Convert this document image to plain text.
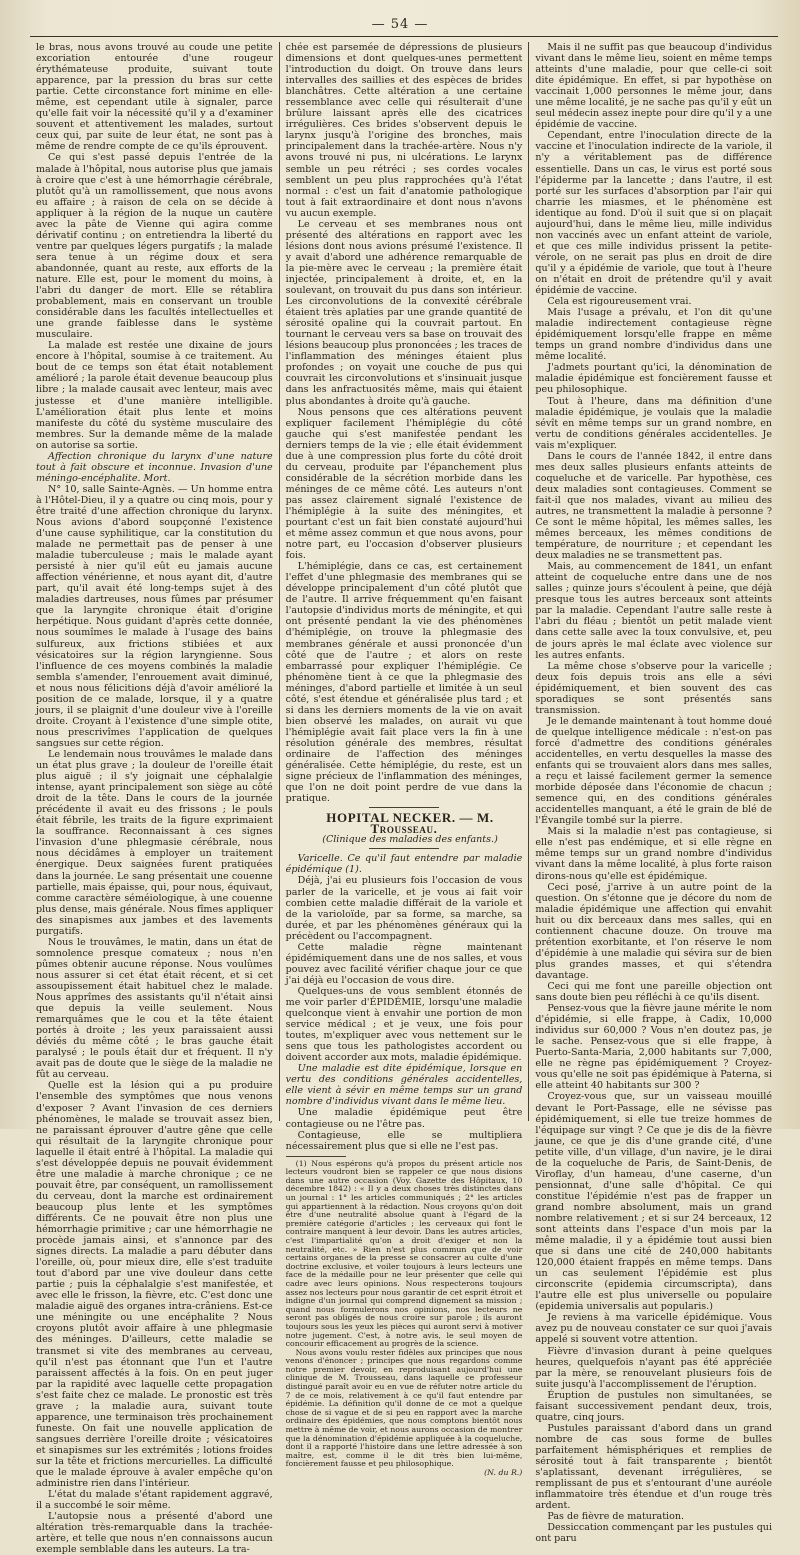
— 54 —

le bras, nous avons trouvé au coude une petite excoriation entourée d'une rougeur érythémateuse produite, suivant toute apparence, par la pression du bras sur cette partie. Cette circonstance fort minime en elle-même, est cependant utile à signaler, parce qu'elle fait voir la nécessité qu'il y a d'examiner souvent et attentivement les malades, surtout ceux qui, par suite de leur état, ne sont pas à même de rendre compte de ce qu'ils éprouvent.

Ce qui s'est passé depuis l'entrée de la malade à l'hôpital, nous autorise plus que jamais à croire que c'est à une hémorrhagie cérébrale, plutôt qu'à un ramollissement, que nous avons eu affaire ; à raison de cela on se décide à appliquer à la région de la nuque un cautère avec la pâte de Vienne qui agira comme dérivatif continu ; on entretiendra la liberté du ventre par quelques légers purgatifs ; la malade sera tenue à un régime doux et sera abandonnée, quant au reste, aux efforts de la nature. Elle est, pour le moment du moins, à l'abri du danger de mort. Elle se rétablira probablement, mais en conservant un trouble considérable dans les facultés intellectuelles et une grande faiblesse dans le système musculaire.

La malade est restée une dixaine de jours encore à l'hôpital, soumise à ce traitement. Au bout de ce temps son état était notablement amélioré ; la parole était devenue beaucoup plus libre ; la malade causait avec lenteur, mais avec justesse et d'une manière intelligible. L'amélioration était plus lente et moins manifeste du côté du système musculaire des membres. Sur la demande même de la malade on autorise sa sortie.

Affection chronique du larynx d'une nature tout à fait obscure et inconnue. Invasion d'une méningo-encéphalite. Mort.

N° 10, salle Sainte-Agnès. — Un homme entra à l'Hôtel-Dieu, il y a quatre ou cinq mois, pour y être traité d'une affection chronique du larynx. Nous avions d'abord soupçonné l'existence d'une cause syphilitique, car la constitution du malade ne permettait pas de penser à une maladie tuberculeuse ; mais le malade ayant persisté à nier qu'il eût eu jamais aucune affection vénérienne, et nous ayant dit, d'autre part, qu'il avait été long-temps sujet à des maladies dartreuses, nous fûmes par présumer que la laryngite chronique était d'origine herpétique. Nous guidant d'après cette donnée, nous soumîmes le malade à l'usage des bains sulfureux, aux frictions stibiées et aux vésicatoires sur la région laryngienne. Sous l'influence de ces moyens combinés la maladie sembla s'amender, l'enrouement avait diminué, et nous nous félicitions déjà d'avoir amélioré la position de ce malade, lorsque, il y a quatre jours, il se plaignit d'une douleur vive à l'oreille droite. Croyant à l'existence d'une simple otite, nous prescrivîmes l'application de quelques sangsues sur cette région.

Le lendemain nous trouvâmes le malade dans un état plus grave ; la douleur de l'oreille était plus aiguë ; il s'y joignait une céphalalgie intense, ayant principalement son siège au côté droit de la tête. Dans le cours de la journée précédente il avait eu des frissons ; le pouls était fébrile, les traits de la figure exprimaient la souffrance. Reconnaissant à ces signes l'invasion d'une phlegmasie cérébrale, nous nous décidâmes à employer un traitement énergique. Deux saignées furent pratiquées dans la journée. Le sang présentait une couenne partielle, mais épaisse, qui, pour nous, équivaut, comme caractère séméiologique, à une couenne plus dense, mais générale. Nous fîmes appliquer des sinapismes aux jambes et des lavements purgatifs.

Nous le trouvâmes, le matin, dans un état de somnolence presque comateux ; nous n'en pûmes obtenir aucune réponse. Nous voulûmes nous assurer si cet état était récent, et si cet assoupissement était habituel chez le malade. Nous apprîmes des assistants qu'il n'était ainsi que depuis la veille seulement. Nous remarquâmes que le cou et la tête étaient portés à droite ; les yeux paraissaient aussi déviés du même côté ; le bras gauche était paralysé ; le pouls était dur et fréquent. Il n'y avait pas de doute que le siège de la maladie ne fût au cerveau.

Quelle est la lésion qui a pu produire l'ensemble des symptômes que nous venons d'exposer ? Avant l'invasion de ces derniers phénomènes, le malade se trouvait assez bien, ne paraissant éprouver d'autre gêne que celle qui résultait de la laryngite chronique pour laquelle il était entré à l'hôpital. La maladie qui s'est développée depuis ne pouvait évidemment être une maladie à marche chronique ; ce ne pouvait être, par conséquent, un ramollissement du cerveau, dont la marche est ordinairement beaucoup plus lente et les symptômes différents. Ce ne pouvait être non plus une hémorrhagie primitive ; car une hémorrhagie ne procède jamais ainsi, et s'annonce par des signes directs. La maladie a paru débuter dans l'oreille, où, pour mieux dire, elle s'est traduite tout d'abord par une vive douleur dans cette partie ; puis la céphalalgie s'est manifestée, et avec elle le frisson, la fièvre, etc. C'est donc une maladie aiguë des organes intra-crâniens. Est-ce une méningite ou une encéphalite ? Nous croyons plutôt avoir affaire à une phlegmasie des méninges. D'ailleurs, cette maladie se transmet si vite des membranes au cerveau, qu'il n'est pas étonnant que l'un et l'autre paraissent affectés à la fois. On en peut juger par la rapidité avec laquelle cette propagation s'est faite chez ce malade. Le pronostic est très grave ; la maladie aura, suivant toute apparence, une terminaison très prochainement funeste. On fait une nouvelle application de sangsues derrière l'oreille droite ; vésicatoires et sinapismes sur les extrémités ; lotions froides sur la tête et frictions mercurielles. La difficulté que le malade éprouve à avaler empêche qu'on administre rien dans l'intérieur.

L'état du malade s'étant rapidement aggravé, il a succombé le soir même.

L'autopsie nous a présenté d'abord une altération très-remarquable dans la trachée-artère, et telle que nous n'en connaissons aucun exemple semblable dans les auteurs. La tra-

chée est parsemée de dépressions de plusieurs dimensions et dont quelques-unes permettent l'introduction du doigt. On trouve dans leurs intervalles des saillies et des espèces de brides blanchâtres. Cette altération a une certaine ressemblance avec celle qui résulterait d'une brûlure laissant après elle des cicatrices irrégulières. Ces brides s'observent depuis le larynx jusqu'à l'origine des bronches, mais principalement dans la trachée-artère. Nous n'y avons trouvé ni pus, ni ulcérations. Le larynx semble un peu rétréci ; ses cordes vocales semblent un peu plus rapprochées qu'à l'état normal : c'est un fait d'anatomie pathologique tout à fait extraordinaire et dont nous n'avons vu aucun exemple.

Le cerveau et ses membranes nous ont présenté des altérations en rapport avec les lésions dont nous avions présumé l'existence. Il y avait d'abord une adhérence remarquable de la pie-mère avec le cerveau ; la première était injectée, principalement à droite, et, en la soulevant, on trouvait du pus dans son intérieur. Les circonvolutions de la convexité cérébrale étaient très aplaties par une grande quantité de sérosité opaline qui la couvrait partout. En tournant le cerveau vers sa base on trouvait des lésions beaucoup plus prononcées ; les traces de l'inflammation des méninges étaient plus profondes ; on voyait une couche de pus qui couvrait les circonvolutions et s'insinuait jusque dans les anfractuosités même, mais qui étaient plus abondantes à droite qu'à gauche.

Nous pensons que ces altérations peuvent expliquer facilement l'hémiplégie du côté gauche qui s'est manifestée pendant les derniers temps de la vie ; elle était évidemment due à une compression plus forte du côté droit du cerveau, produite par l'épanchement plus considérable de la sécrétion morbide dans les méninges de ce même côté. Les auteurs n'ont pas assez clairement signalé l'existence de l'hémiplégie à la suite des méningites, et pourtant c'est un fait bien constaté aujourd'hui et même assez commun et que nous avons, pour notre part, eu l'occasion d'observer plusieurs fois.

L'hémiplégie, dans ce cas, est certainement l'effet d'une phlegmasie des membranes qui se développe principalement d'un côté plutôt que de l'autre. Il arrive fréquemment qu'en faisant l'autopsie d'individus morts de méningite, et qui ont présenté pendant la vie des phénomènes d'hémiplégie, on trouve la phlegmasie des membranes générale et aussi prononcée d'un côté que de l'autre ; et alors on reste embarrassé pour expliquer l'hémiplégie. Ce phénomène tient à ce que la phlegmasie des méninges, d'abord partielle et limitée à un seul côté, s'est étendue et généralisée plus tard ; et si dans les derniers moments de la vie on avait bien observé les malades, on aurait vu que l'hémiplégie avait fait place vers la fin à une résolution générale des membres, résultat ordinaire de l'affection des méninges généralisée. Cette hémiplégie, du reste, est un signe précieux de l'inflammation des méninges, que l'on ne doit point perdre de vue dans la pratique.

HOPITAL NECKER. — M. Trousseau.

(Clinique des maladies des enfants.)

Varicelle. Ce qu'il faut entendre par maladie épidémique (1).

Déjà, j'ai eu plusieurs fois l'occasion de vous parler de la varicelle, et je vous ai fait voir combien cette maladie différait de la variole et de la varioloïde, par sa forme, sa marche, sa durée, et par les phénomènes généraux qui la précèdent ou l'accompagnent.

Cette maladie règne maintenant épidémiquement dans une de nos salles, et vous pouvez avec facilité vérifier chaque jour ce que j'ai déjà eu l'occasion de vous dire.

Quelques-uns de vous semblent étonnés de me voir parler d'ÉPIDÉMIE, lorsqu'une maladie quelconque vient à envahir une portion de mon service médical ; et je veux, une fois pour toutes, m'expliquer avec vous nettement sur le sens que tous les pathologistes accordent ou doivent accorder aux mots, maladie épidémique.

Une maladie est dite épidémique, lorsque en vertu des conditions générales accidentelles, elle vient à sévir en même temps sur un grand nombre d'individus vivant dans le même lieu.

Une maladie épidémique peut être contagieuse ou ne l'être pas.

Contagieuse, elle se multipliera nécessairement plus que si elle ne l'est pas.

(1) Nous espérons qu'à propos du présent article nos lecteurs voudront bien se rappeler ce que nous disions dans une autre occasion (Voy. Gazette des Hôpitaux, 10 décembre 1842) : « Il y a deux choses très distinctes dans un journal : 1° les articles communiqués ; 2° les articles qui appartiennent à la rédaction. Nous croyons qu'on doit être d'une neutralité absolue quant à l'égard de la première catégorie d'articles ; les cerveaux qui font le contraire manquent à leur devoir. Dans les autres articles, c'est l'impartialité qu'on a droit d'exiger et non la neutralité, etc. » Rien n'est plus commun que de voir certains organes de la presse se consacrer au culte d'une doctrine exclusive, et voiler toujours à leurs lecteurs une face de la médaille pour ne leur présenter que celle qui cadre avec leurs opinions. Nous respecterons toujours assez nos lecteurs pour nous garantir de cet esprit étroit et indigne d'un journal qui comprend dignement sa mission ; quand nous formulerons nos opinions, nos lecteurs ne seront pas obligés de nous croire sur parole ; ils auront toujours sous les yeux les pièces qui auront servi à motiver notre jugement. C'est, à notre avis, le seul moyen de concourir efficacement au progrès de la science.

Nous avons voulu rester fidèles aux principes que nous venons d'énoncer ; principes que nous regardons comme notre premier devoir, en reproduisant aujourd'hui une clinique de M. Trousseau, dans laquelle ce professeur distingué paraît avoir eu en vue de réfuter notre article du 7 de ce mois, relativement à ce qu'il faut entendre par épidémie. La définition qu'il donne de ce mot a quelque chose de si vague et de si peu en rapport avec la marche ordinaire des épidémies, que nous comptons bientôt nous mettre à même de voir, et nous aurons occasion de montrer que la dénomination d'épidémie appliquée à la coqueluche, dont il a rapporté l'histoire dans une lettre adressée à son maître, est, comme il le dit très bien lui-même, foncièrement fausse et peu philosophique.

(N. du R.)

Mais il ne suffit pas que beaucoup d'individus vivant dans le même lieu, soient en même temps atteints d'une maladie, pour que celle-ci soit dite épidémique. En effet, si par hypothèse on vaccinait 1,000 personnes le même jour, dans une même localité, je ne sache pas qu'il y eût un seul médecin assez inepte pour dire qu'il y a une épidémie de vaccine.

Cependant, entre l'inoculation directe de la vaccine et l'inoculation indirecte de la variole, il n'y a véritablement pas de différence essentielle. Dans un cas, le virus est porté sous l'épiderme par la lancette ; dans l'autre, il est porté sur les surfaces d'absorption par l'air qui charrie les miasmes, et le phénomène est identique au fond. D'où il suit que si on plaçait aujourd'hui, dans le même lieu, mille individus non vaccinés avec un enfant atteint de variole, et que ces mille individus prissent la petite-vérole, on ne serait pas plus en droit de dire qu'il y a épidémie de variole, que tout à l'heure on n'était en droit de prétendre qu'il y avait épidémie de vaccine.

Cela est rigoureusement vrai.

Mais l'usage a prévalu, et l'on dit qu'une maladie indirectement contagieuse règne épidémiquement lorsqu'elle frappe en même temps un grand nombre d'individus dans une même localité.

J'admets pourtant qu'ici, la dénomination de maladie épidémique est foncièrement fausse et peu philosophique.

Tout à l'heure, dans ma définition d'une maladie épidémique, je voulais que la maladie sévît en même temps sur un grand nombre, en vertu de conditions générales accidentelles. Je vais m'expliquer.

Dans le cours de l'année 1842, il entre dans mes deux salles plusieurs enfants atteints de coqueluche et de varicelle. Par hypothèse, ces deux maladies sont contagieuses. Comment se fait-il que nos malades, vivant au milieu des autres, ne transmettent la maladie à personne ? Ce sont le même hôpital, les mêmes salles, les mêmes berceaux, les mêmes conditions de température, de nourriture ; et cependant les deux maladies ne se transmettent pas.

Mais, au commencement de 1841, un enfant atteint de coqueluche entre dans une de nos salles ; quinze jours s'écoulent à peine, que déjà presque tous les autres berceaux sont atteints par la maladie. Cependant l'autre salle reste à l'abri du fléau ; bientôt un petit malade vient dans cette salle avec la toux convulsive, et, peu de jours après le mal éclate avec violence sur les autres enfants.

La même chose s'observe pour la varicelle ; deux fois depuis trois ans elle a sévi épidémiquement, et bien souvent des cas sporadiques se sont présentés sans transmission.

Je le demande maintenant à tout homme doué de quelque intelligence médicale : n'est-on pas forcé d'admettre des conditions générales accidentelles, en vertu desquelles la masse des enfants qui se trouvaient alors dans mes salles, a reçu et laissé facilement germer la semence morbide déposée dans l'économie de chacun ; semence qui, en des conditions générales accidentelles manquant, a été le grain de blé de l'Évangile tombé sur la pierre.

Mais si la maladie n'est pas contagieuse, si elle n'est pas endémique, et si elle règne en même temps sur un grand nombre d'individus vivant dans la même localité, à plus forte raison dirons-nous qu'elle est épidémique.

Ceci posé, j'arrive à un autre point de la question. On s'étonne que je décore du nom de maladie épidémique une affection qui envahit huit ou dix berceaux dans mes salles, qui en contiennent chacune douze. On trouve ma prétention exorbitante, et l'on réserve le nom d'épidémie à une maladie qui sévira sur de bien plus grandes masses, et qui s'étendra davantage.

Ceci qui me font une pareille objection ont sans doute bien peu réfléchi à ce qu'ils disent.

Pensez-vous que la fièvre jaune mérite le nom d'épidémie, si elle frappe, à Cadix, 10,000 individus sur 60,000 ? Vous n'en doutez pas, je le sache. Pensez-vous que si elle frappe, à Puerto-Santa-Maria, 2,000 habitants sur 7,000, elle ne règne pas épidémiquement ? Croyez-vous qu'elle ne soit pas épidémique à Paterna, si elle atteint 40 habitants sur 300 ?

Croyez-vous que, sur un vaisseau mouillé devant le Port-Passage, elle ne sévisse pas épidémiquement, si elle tue treize hommes de l'équipage sur vingt ? Ce que je dis de la fièvre jaune, ce que je dis d'une grande cité, d'une petite ville, d'un village, d'un navire, je le dirai de la coqueluche de Paris, de Saint-Denis, de Viroflay, d'un hameau, d'une caserne, d'un pensionnat, d'une salle d'hôpital. Ce qui constitue l'épidémie n'est pas de frapper un grand nombre absolument, mais un grand nombre relativement ; et si sur 24 berceaux, 12 sont atteints dans l'espace d'un mois par la même maladie, il y a épidémie tout aussi bien que si dans une cité de 240,000 habitants 120,000 étaient frappés en même temps. Dans un cas seulement l'épidémie est plus circonscrite (epidemia circumscripta), dans l'autre elle est plus universelle ou populaire (epidemia universalis aut popularis.)

Je reviens à ma varicelle épidémique. Vous avez pu de nouveau constater ce sur quoi j'avais appelé si souvent votre attention.

Fièvre d'invasion durant à peine quelques heures, quelquefois n'ayant pas été appréciée par la mère, se renouvelant plusieurs fois de suite jusqu'à l'accomplissement de l'éruption.

Éruption de pustules non simultanées, se faisant successivement pendant deux, trois, quatre, cinq jours.

Pustules paraissant d'abord dans un grand nombre de cas sous forme de bulles parfaitement hémisphériques et remplies de sérosité tout à fait transparente ; bientôt s'aplatissant, devenant irrégulières, se remplissant de pus et s'entourant d'une auréole inflammatoire très étendue et d'un rouge très ardent.

Pas de fièvre de maturation.

Dessiccation commençant par les pustules qui ont paru
